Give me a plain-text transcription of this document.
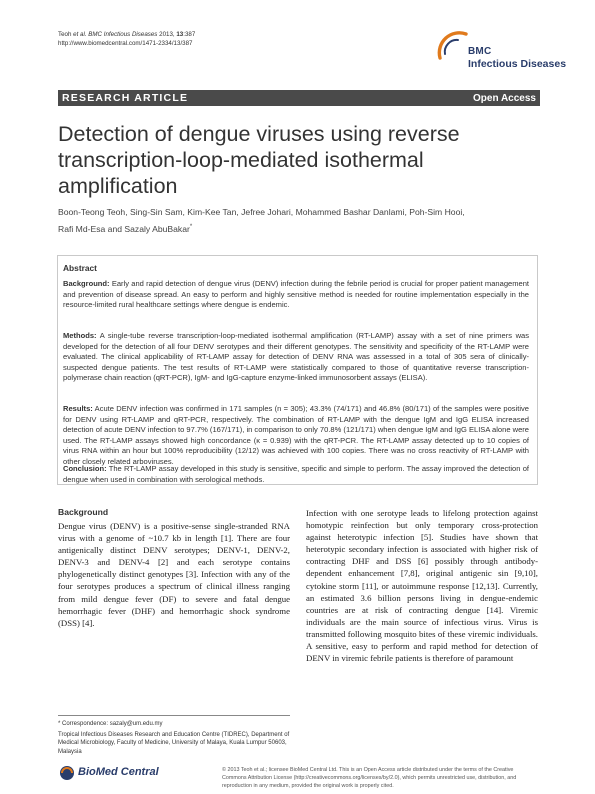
Teoh et al. BMC Infectious Diseases 2013, 13:387
http://www.biomedcentral.com/1471-2334/13/387
BMC
Infectious Diseases
RESEARCH ARTICLE	Open Access
Detection of dengue viruses using reverse
transcription-loop-mediated isothermal
amplification
Boon-Teong Teoh, Sing-Sin Sam, Kim-Kee Tan, Jefree Johari, Mohammed Bashar Danlami, Poh-Sim Hooi,
Rafi Md-Esa and Sazaly AbuBakar*
Abstract
Background: Early and rapid detection of dengue virus (DENV) infection during the febrile period is crucial for proper patient management and prevention of disease spread. An easy to perform and highly sensitive method is needed for routine implementation especially in the resource-limited rural healthcare settings where dengue is endemic.
Methods: A single-tube reverse transcription-loop-mediated isothermal amplification (RT-LAMP) assay with a set of nine primers was developed for the detection of all four DENV serotypes and their different genotypes. The sensitivity and specificity of the RT-LAMP were evaluated. The clinical applicability of RT-LAMP assay for detection of DENV RNA was assessed in a total of 305 sera of clinically-suspected dengue patients. The test results of RT-LAMP were statistically compared to those of quantitative reverse transcription-polymerase chain reaction (qRT-PCR), IgM- and IgG-capture enzyme-linked immunosorbent assays (ELISA).
Results: Acute DENV infection was confirmed in 171 samples (n = 305); 43.3% (74/171) and 46.8% (80/171) of the samples were positive for DENV using RT-LAMP and qRT-PCR, respectively. The combination of RT-LAMP with the dengue IgM and IgG ELISA increased detection of acute DENV infection to 97.7% (167/171), in comparison to only 70.8% (121/171) when dengue IgM and IgG ELISA alone were used. The RT-LAMP assays showed high concordance (κ = 0.939) with the qRT-PCR. The RT-LAMP assay detected up to 10 copies of virus RNA within an hour but 100% reproducibility (12/12) was achieved with 100 copies. There was no cross reactivity of RT-LAMP with other closely related arboviruses.
Conclusion: The RT-LAMP assay developed in this study is sensitive, specific and simple to perform. The assay improved the detection of dengue when used in combination with serological methods.
Background
Dengue virus (DENV) is a positive-sense single-stranded RNA virus with a genome of ~10.7 kb in length [1]. There are four antigenically distinct DENV serotypes; DENV-1, DENV-2, DENV-3 and DENV-4 [2] and each serotype contains phylogenetically distinct genotypes [3]. Infection with any of the four serotypes produces a spectrum of clinical illness ranging from mild dengue fever (DF) to severe and fatal dengue hemorrhagic fever (DHF) and hemorrhagic shock syndrome (DSS) [4].
Infection with one serotype leads to lifelong protection against homotypic reinfection but only temporary cross-protection against heterotypic infection [5]. Studies have shown that heterotypic secondary infection is associated with higher risk of contracting DHF and DSS [6] possibly through antibody-dependent enhancement [7,8], original antigenic sin [9,10], cytokine storm [11], or autoimmune response [12,13]. Currently, an estimated 3.6 billion persons living in dengue-endemic countries are at risk of contracting dengue [14]. Viremic individuals are the main source of infectious virus. Virus is transmitted following mosquito bites of these viremic individuals. A sensitive, easy to perform and rapid method for detection of DENV in viremic febrile patients is therefore of paramount
* Correspondence: sazaly@um.edu.my
Tropical Infectious Diseases Research and Education Centre (TIDREC), Department of Medical Microbiology, Faculty of Medicine, University of Malaya, Kuala Lumpur 50603, Malaysia
BioMed Central	© 2013 Teoh et al.; licensee BioMed Central Ltd. This is an Open Access article distributed under the terms of the Creative Commons Attribution License (http://creativecommons.org/licenses/by/2.0), which permits unrestricted use, distribution, and reproduction in any medium, provided the original work is properly cited.
